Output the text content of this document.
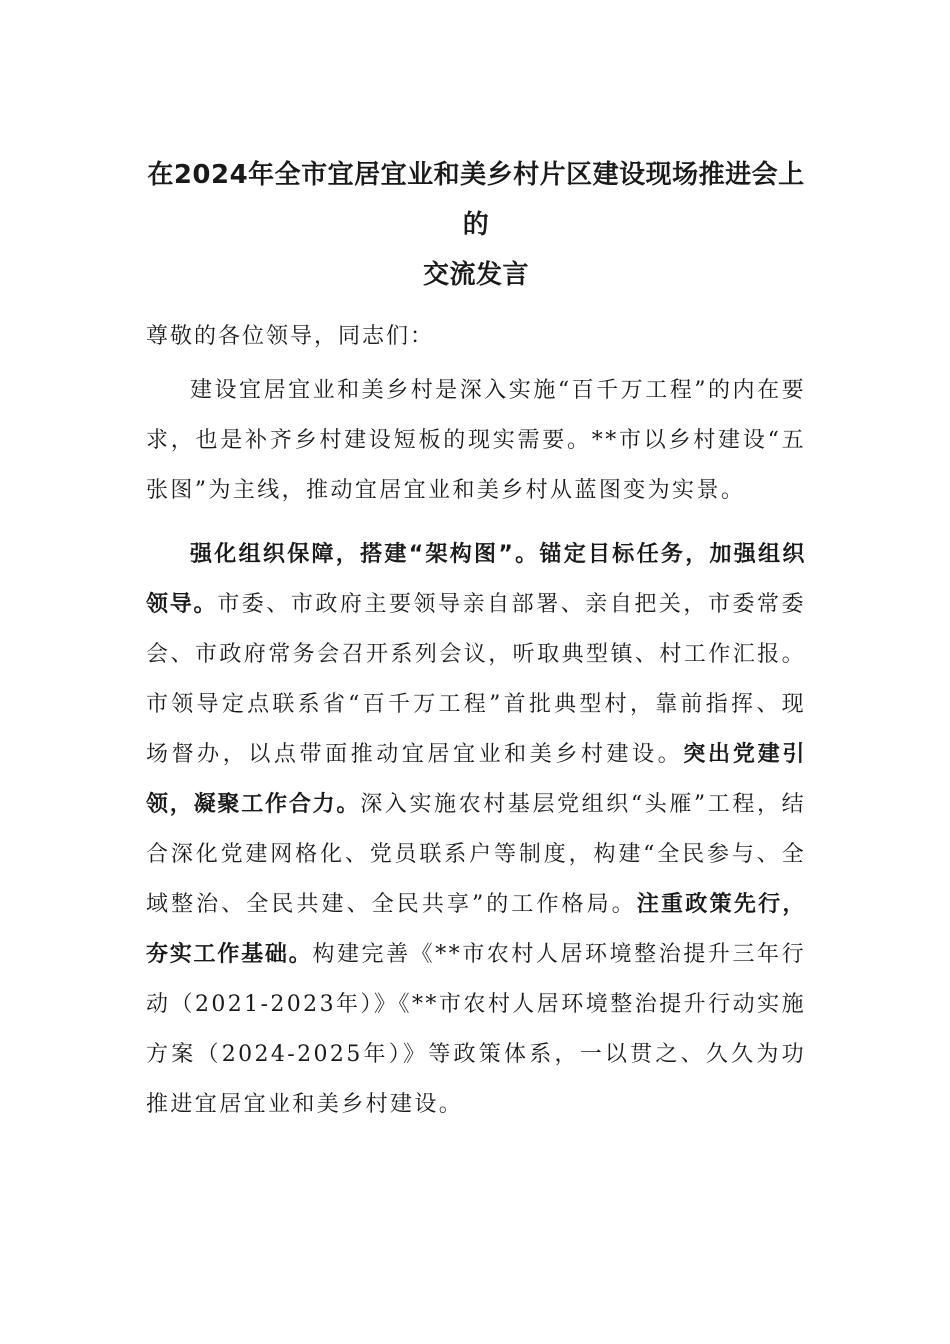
在2024年全市宜居宜业和美乡村片区建设现场推进会上的
交流发言

尊敬的各位领导，同志们：

建设宜居宜业和美乡村是深入实施“百千万工程”的内在要求，也是补齐乡村建设短板的现实需要。**市以乡村建设“五张图”为主线，推动宜居宜业和美乡村从蓝图变为实景。

强化组织保障，搭建“架构图”。锚定目标任务，加强组织领导。市委、市政府主要领导亲自部署、亲自把关，市委常委会、市政府常务会召开系列会议，听取典型镇、村工作汇报。市领导定点联系省“百千万工程”首批典型村，靠前指挥、现场督办，以点带面推动宜居宜业和美乡村建设。突出党建引领，凝聚工作合力。深入实施农村基层党组织“头雁”工程，结合深化党建网格化、党员联系户等制度，构建“全民参与、全域整治、全民共建、全民共享”的工作格局。注重政策先行，夯实工作基础。构建完善《**市农村人居环境整治提升三年行动（2021-2023年）》《**市农村人居环境整治提升行动实施方案（2024-2025年）》等政策体系，一以贯之、久久为功推进宜居宜业和美乡村建设。
